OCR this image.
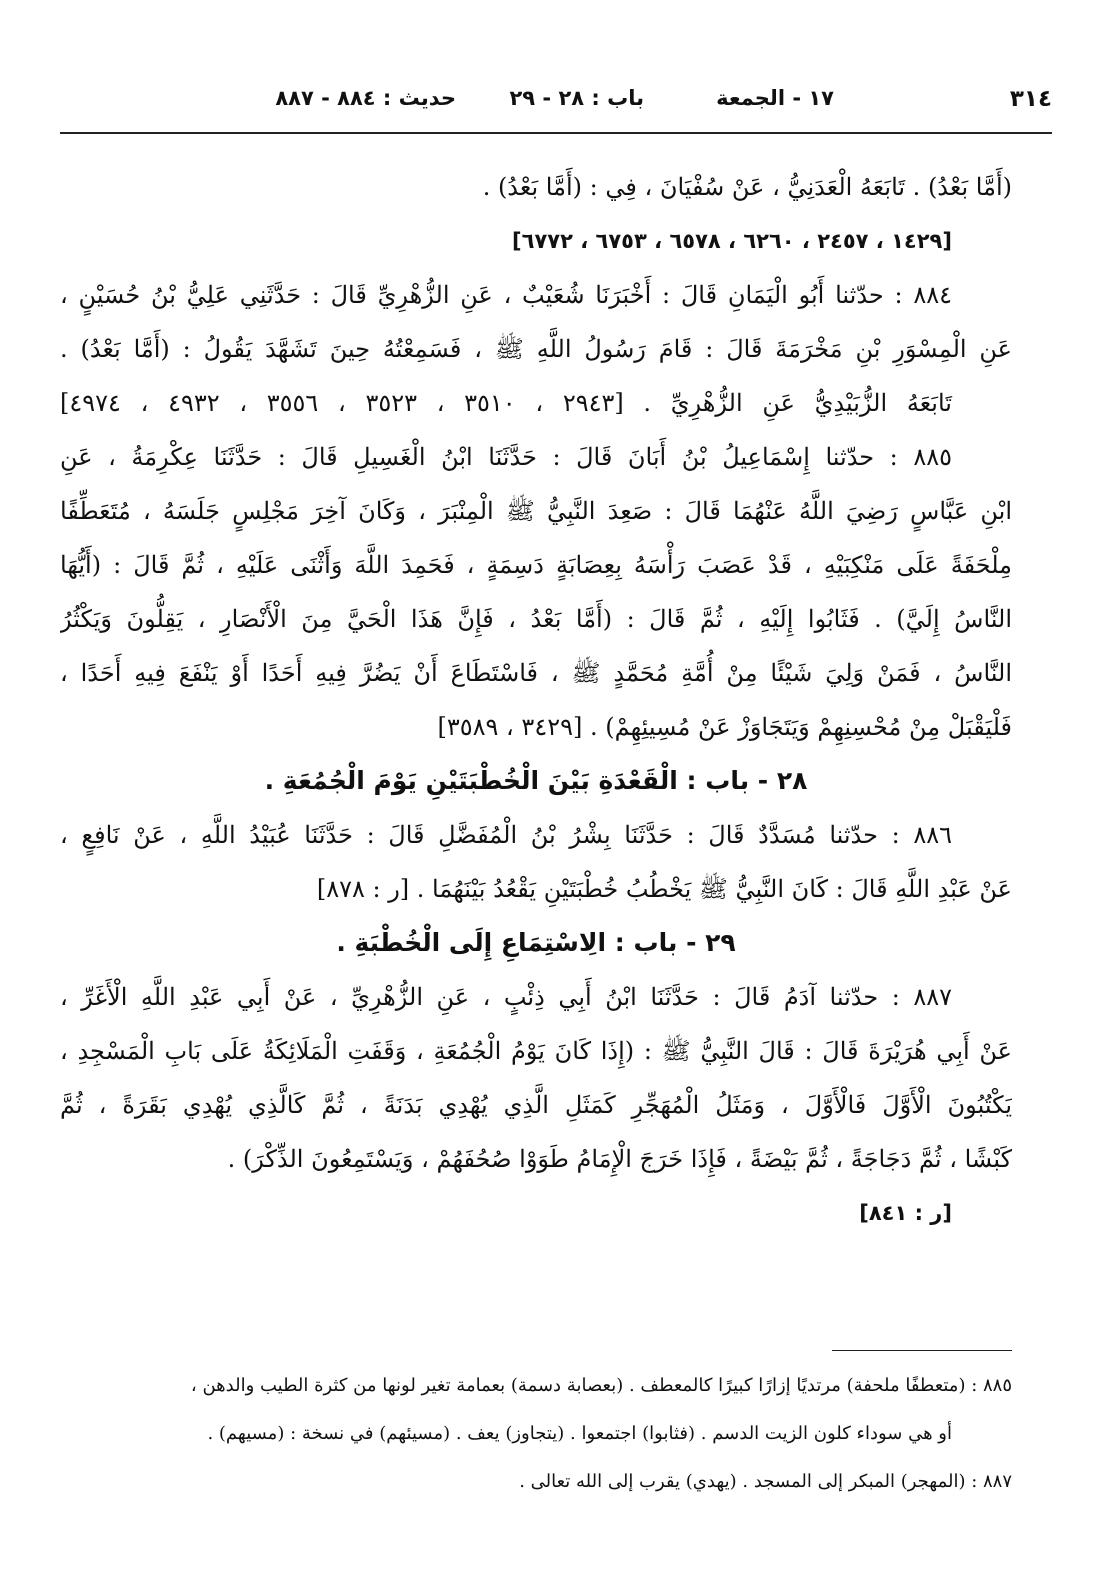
٣١٤
١٧ - الجمعة
باب : ٢٨ - ٢٩
حديث : ٨٨٤ - ٨٨٧
(أَمَّا بَعْدُ) . تَابَعَهُ الْعَدَنِيُّ ، عَنْ سُفْيَانَ ، فِي : (أَمَّا بَعْدُ) .
[١٤٢٩ ، ٢٤٥٧ ، ٦٢٦٠ ، ٦٥٧٨ ، ٦٧٥٣ ، ٦٧٧٢]
٨٨٤ : حدّثنا أَبُو الْيَمَانِ قَالَ : أَخْبَرَنَا شُعَيْبٌ ، عَنِ الزُّهْرِيِّ قَالَ : حَدَّثَنِي عَلِيُّ بْنُ حُسَيْنٍ ،
عَنِ الْمِسْوَرِ بْنِ مَخْرَمَةَ قَالَ : قَامَ رَسُولُ اللَّهِ ﷺ ، فَسَمِعْتُهُ حِينَ تَشَهَّدَ يَقُولُ : (أَمَّا بَعْدُ) .
تَابَعَهُ الزُّبَيْدِيُّ عَنِ الزُّهْرِيِّ . [٢٩٤٣ ، ٣٥١٠ ، ٣٥٢٣ ، ٣٥٥٦ ، ٤٩٣٢ ، ٤٩٧٤]
٨٨٥ : حدّثنا إِسْمَاعِيلُ بْنُ أَبَانَ قَالَ : حَدَّثَنَا ابْنُ الْغَسِيلِ قَالَ : حَدَّثَنَا عِكْرِمَةُ ، عَنِ
ابْنِ عَبَّاسٍ رَضِيَ اللَّهُ عَنْهُمَا قَالَ : صَعِدَ النَّبِيُّ ﷺ الْمِنْبَرَ ، وَكَانَ آخِرَ مَجْلِسٍ جَلَسَهُ ، مُتَعَطِّفًا
مِلْحَفَةً عَلَى مَنْكِبَيْهِ ، قَدْ عَصَبَ رَأْسَهُ بِعِصَابَةٍ دَسِمَةٍ ، فَحَمِدَ اللَّهَ وَأَثْنَى عَلَيْهِ ، ثُمَّ قَالَ : (أَيُّهَا
النَّاسُ إِلَيَّ) . فَثَابُوا إِلَيْهِ ، ثُمَّ قَالَ : (أَمَّا بَعْدُ ، فَإِنَّ هَذَا الْحَيَّ مِنَ الْأَنْصَارِ ، يَقِلُّونَ وَيَكْثُرُ
النَّاسُ ، فَمَنْ وَلِيَ شَيْئًا مِنْ أُمَّةِ مُحَمَّدٍ ﷺ ، فَاسْتَطَاعَ أَنْ يَضُرَّ فِيهِ أَحَدًا أَوْ يَنْفَعَ فِيهِ أَحَدًا ،
فَلْيَقْبَلْ مِنْ مُحْسِنِهِمْ وَيَتَجَاوَزْ عَنْ مُسِيئِهِمْ) . [٣٤٢٩ ، ٣٥٨٩]
٢٨ - باب : الْقَعْدَةِ بَيْنَ الْخُطْبَتَيْنِ يَوْمَ الْجُمُعَةِ .
٨٨٦ : حدّثنا مُسَدَّدٌ قَالَ : حَدَّثَنَا بِشْرُ بْنُ الْمُفَضَّلِ قَالَ : حَدَّثَنَا عُبَيْدُ اللَّهِ ، عَنْ نَافِعٍ ،
عَنْ عَبْدِ اللَّهِ قَالَ : كَانَ النَّبِيُّ ﷺ يَخْطُبُ خُطْبَتَيْنِ يَقْعُدُ بَيْنَهُمَا . [ر : ٨٧٨]
٢٩ - باب : الِاسْتِمَاعِ إِلَى الْخُطْبَةِ .
٨٨٧ : حدّثنا آدَمُ قَالَ : حَدَّثَنَا ابْنُ أَبِي ذِئْبٍ ، عَنِ الزُّهْرِيِّ ، عَنْ أَبِي عَبْدِ اللَّهِ الْأَغَرِّ ،
عَنْ أَبِي هُرَيْرَةَ قَالَ : قَالَ النَّبِيُّ ﷺ : (إِذَا كَانَ يَوْمُ الْجُمُعَةِ ، وَقَفَتِ الْمَلَائِكَةُ عَلَى بَابِ الْمَسْجِدِ ،
يَكْتُبُونَ الْأَوَّلَ فَالْأَوَّلَ ، وَمَثَلُ الْمُهَجِّرِ كَمَثَلِ الَّذِي يُهْدِي بَدَنَةً ، ثُمَّ كَالَّذِي يُهْدِي بَقَرَةً ، ثُمَّ
كَبْشًا ، ثُمَّ دَجَاجَةً ، ثُمَّ بَيْضَةً ، فَإِذَا خَرَجَ الْإِمَامُ طَوَوْا صُحُفَهُمْ ، وَيَسْتَمِعُونَ الذِّكْرَ) .
[ر : ٨٤١]
٨٨٥ : (متعطفًا ملحفة) مرتديًا إزارًا كبيرًا كالمعطف . (بعصابة دسمة) بعمامة تغير لونها من كثرة الطيب والدهن ،
أو هي سوداء كلون الزيت الدسم . (فثابوا) اجتمعوا . (يتجاوز) يعف . (مسيئهم) في نسخة : (مسيهم) .
٨٨٧ : (المهجر) المبكر إلى المسجد . (يهدي) يقرب إلى الله تعالى .
